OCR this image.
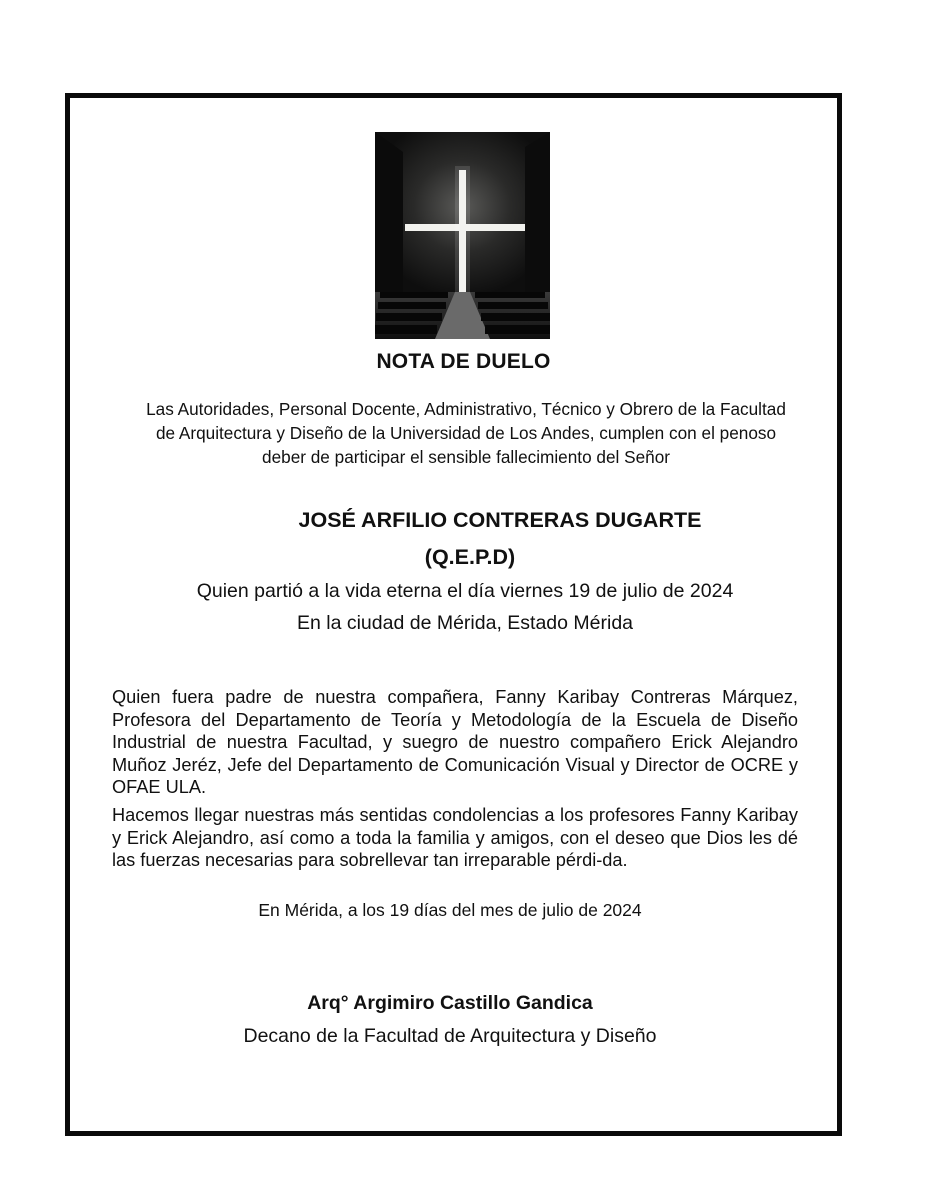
NOTA DE DUELO
Las Autoridades, Personal Docente, Administrativo, Técnico y Obrero de la Facultad
de Arquitectura y Diseño de la Universidad de Los Andes, cumplen con el penoso
deber de participar el sensible fallecimiento del Señor
JOSÉ ARFILIO CONTRERAS DUGARTE
(Q.E.P.D)
Quien partió a la vida eterna el día viernes 19 de julio de 2024
En la ciudad de Mérida, Estado Mérida
Quien fuera padre de nuestra compañera, Fanny Karibay Contreras Márquez, Profesora del Departamento de Teoría y Metodología de la Escuela de Diseño Industrial de nuestra Facultad, y suegro de nuestro compañero Erick Alejandro Muñoz Jeréz, Jefe del Departamento de Comunicación Visual y Director de OCRE y OFAE ULA.
Hacemos llegar nuestras más sentidas condolencias a los profesores Fanny Karibay y Erick Alejandro, así como a toda la familia y amigos, con el deseo que Dios les dé las fuerzas necesarias para sobrellevar tan irreparable pérdi-da.
En Mérida, a los 19 días del mes de julio de 2024
Arq° Argimiro Castillo Gandica
Decano de la Facultad de Arquitectura y Diseño
